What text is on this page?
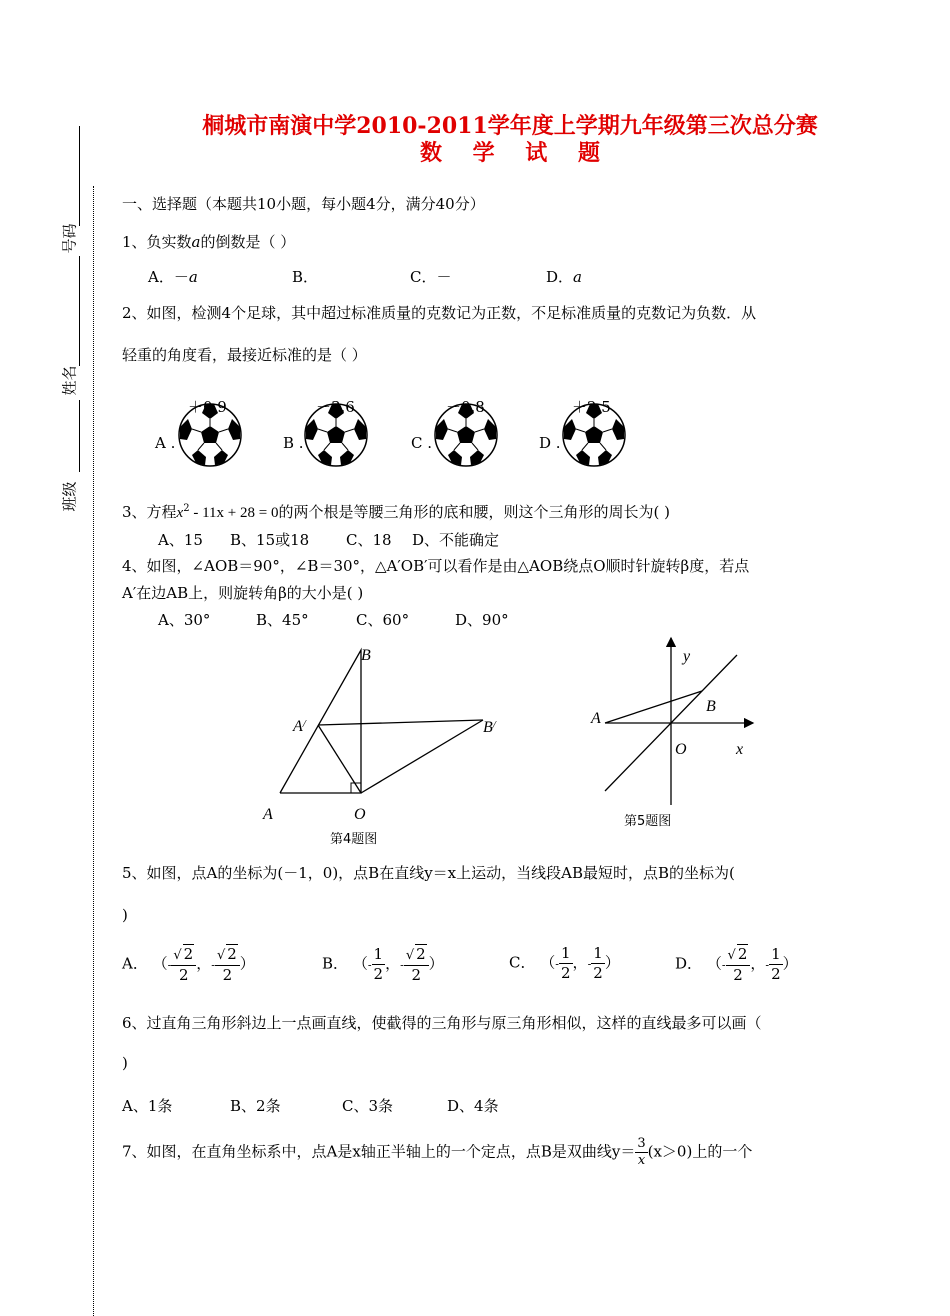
桐城市南演中学2010-2011学年度上学期九年级第三次总分赛
数    学    试    题
号码
姓名
班级
一、选择题（本题共10小题，每小题4分，满分40分）
1、负实数a的倒数是（ ）
A．－a	B．	C．－	D．a
2、如图，检测4个足球，其中超过标准质量的克数记为正数，不足标准质量的克数记为负数．从
轻重的角度看，最接近标准的是（ ）
＋0.9	－3.6	－0.8	＋2.5
A .	B .	C .	D .
3、方程$x^2 - 11x + 28 = 0$的两个根是等腰三角形的底和腰，则这个三角形的周长为( )
A、15 B、15或18 C、18 D、不能确定
4、如图，∠AOB＝90°，∠B＝30°，△A′OB′可以看作是由△AOB绕点O顺时针旋转β度，若点
A′在边AB上，则旋转角β的大小是( )
A、30°	B、45°	C、60°	D、90°
B
A/	B/
A	O
第4题图
y
B
A
O	x
第5题图
5、如图，点A的坐标为(－1，0)，点B在直线y＝x上运动，当线段AB最短时，点B的坐标为(
)
A． （- $\frac{√ 2}{2}$ ，- $\frac{√ 2}{2}$ ）	B． （- $\frac{1}{2}$ ，- $\frac{√ 2}{2}$ ）	C． （- $\frac{1}{2}$ ，- $\frac{1}{2}$ ）	D． （- $\frac{√ 2}{2}$ ，- $\frac{1}{2}$ ）
6、过直角三角形斜边上一点画直线，使截得的三角形与原三角形相似，这样的直线最多可以画（
)
A、1条	B、2条	C、3条	D、4条
7、如图，在直角坐标系中，点A是x轴正半轴上的一个定点，点B是双曲线$y= \frac{3}{x} (x>0)$上的一个
